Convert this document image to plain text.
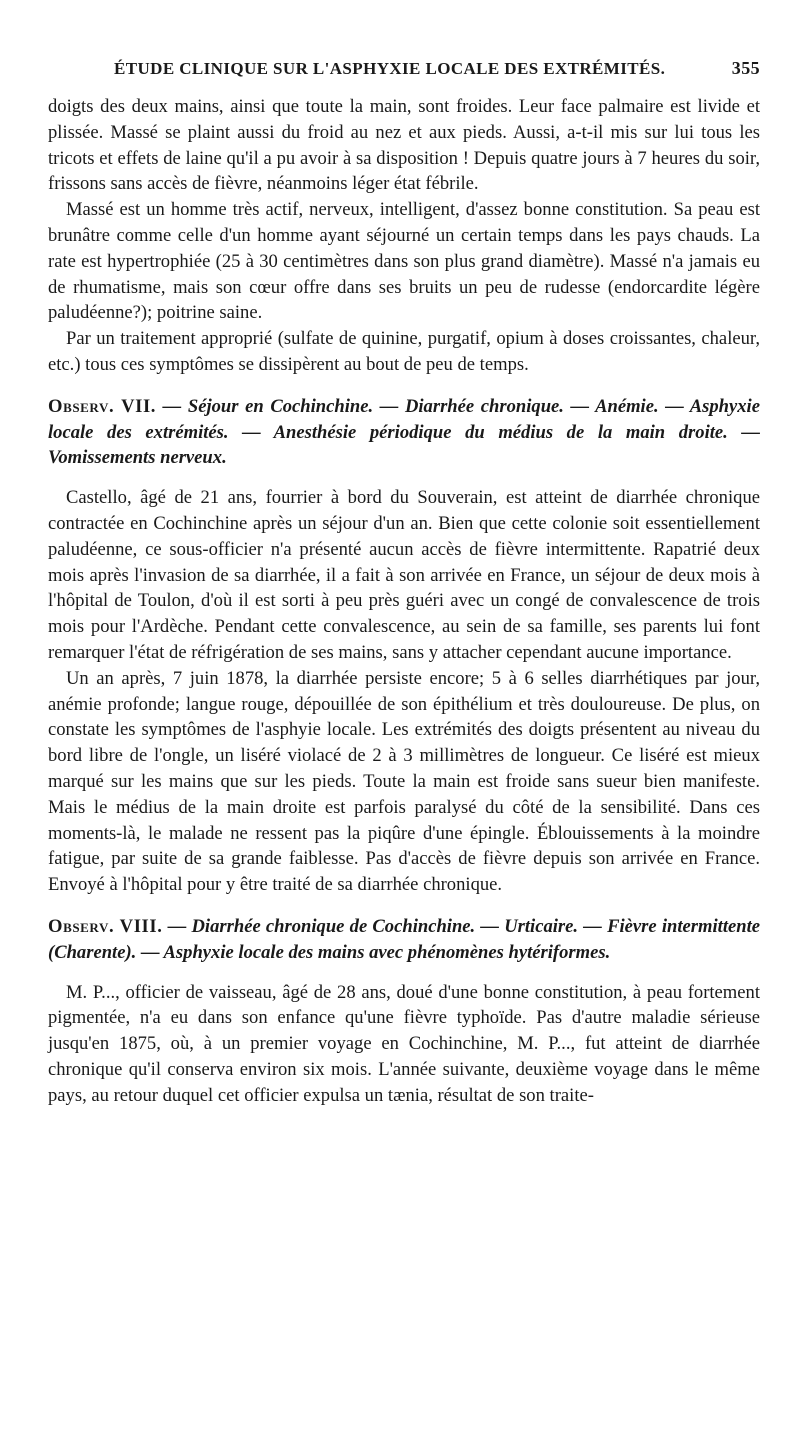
ÉTUDE CLINIQUE SUR L'ASPHYXIE LOCALE DES EXTRÉMITÉS.	355

doigts des deux mains, ainsi que toute la main, sont froides. Leur face palmaire est livide et plissée. Massé se plaint aussi du froid au nez et aux pieds. Aussi, a-t-il mis sur lui tous les tricots et effets de laine qu'il a pu avoir à sa disposition ! Depuis quatre jours à 7 heures du soir, frissons sans accès de fièvre, néanmoins léger état fébrile.

Massé est un homme très actif, nerveux, intelligent, d'assez bonne constitution. Sa peau est brunâtre comme celle d'un homme ayant séjourné un certain temps dans les pays chauds. La rate est hypertrophiée (25 à 30 centimètres dans son plus grand diamètre). Massé n'a jamais eu de rhumatisme, mais son cœur offre dans ses bruits un peu de rudesse (endorcardite légère paludéenne?); poitrine saine.

Par un traitement approprié (sulfate de quinine, purgatif, opium à doses croissantes, chaleur, etc.) tous ces symptômes se dissipèrent au bout de peu de temps.

Observ. VII. — Séjour en Cochinchine. — Diarrhée chronique. — Anémie. — Asphyxie locale des extrémités. — Anesthésie périodique du médius de la main droite. — Vomissements nerveux.

Castello, âgé de 21 ans, fourrier à bord du Souverain, est atteint de diarrhée chronique contractée en Cochinchine après un séjour d'un an. Bien que cette colonie soit essentiellement paludéenne, ce sous-officier n'a présenté aucun accès de fièvre intermittente. Rapatrié deux mois après l'invasion de sa diarrhée, il a fait à son arrivée en France, un séjour de deux mois à l'hôpital de Toulon, d'où il est sorti à peu près guéri avec un congé de convalescence de trois mois pour l'Ardèche. Pendant cette convalescence, au sein de sa famille, ses parents lui font remarquer l'état de réfrigération de ses mains, sans y attacher cependant aucune importance.

Un an après, 7 juin 1878, la diarrhée persiste encore; 5 à 6 selles diarrhétiques par jour, anémie profonde; langue rouge, dépouillée de son épithélium et très douloureuse. De plus, on constate les symptômes de l'asphyie locale. Les extrémités des doigts présentent au niveau du bord libre de l'ongle, un liséré violacé de 2 à 3 millimètres de longueur. Ce liséré est mieux marqué sur les mains que sur les pieds. Toute la main est froide sans sueur bien manifeste. Mais le médius de la main droite est parfois paralysé du côté de la sensibilité. Dans ces moments-là, le malade ne ressent pas la piqûre d'une épingle. Éblouissements à la moindre fatigue, par suite de sa grande faiblesse. Pas d'accès de fièvre depuis son arrivée en France. Envoyé à l'hôpital pour y être traité de sa diarrhée chronique.

Observ. VIII. — Diarrhée chronique de Cochinchine. — Urticaire. — Fièvre intermittente (Charente). — Asphyxie locale des mains avec phénomènes hytériformes.

M. P..., officier de vaisseau, âgé de 28 ans, doué d'une bonne constitution, à peau fortement pigmentée, n'a eu dans son enfance qu'une fièvre typhoïde. Pas d'autre maladie sérieuse jusqu'en 1875, où, à un premier voyage en Cochinchine, M. P..., fut atteint de diarrhée chronique qu'il conserva environ six mois. L'année suivante, deuxième voyage dans le même pays, au retour duquel cet officier expulsa un tænia, résultat de son traite-
